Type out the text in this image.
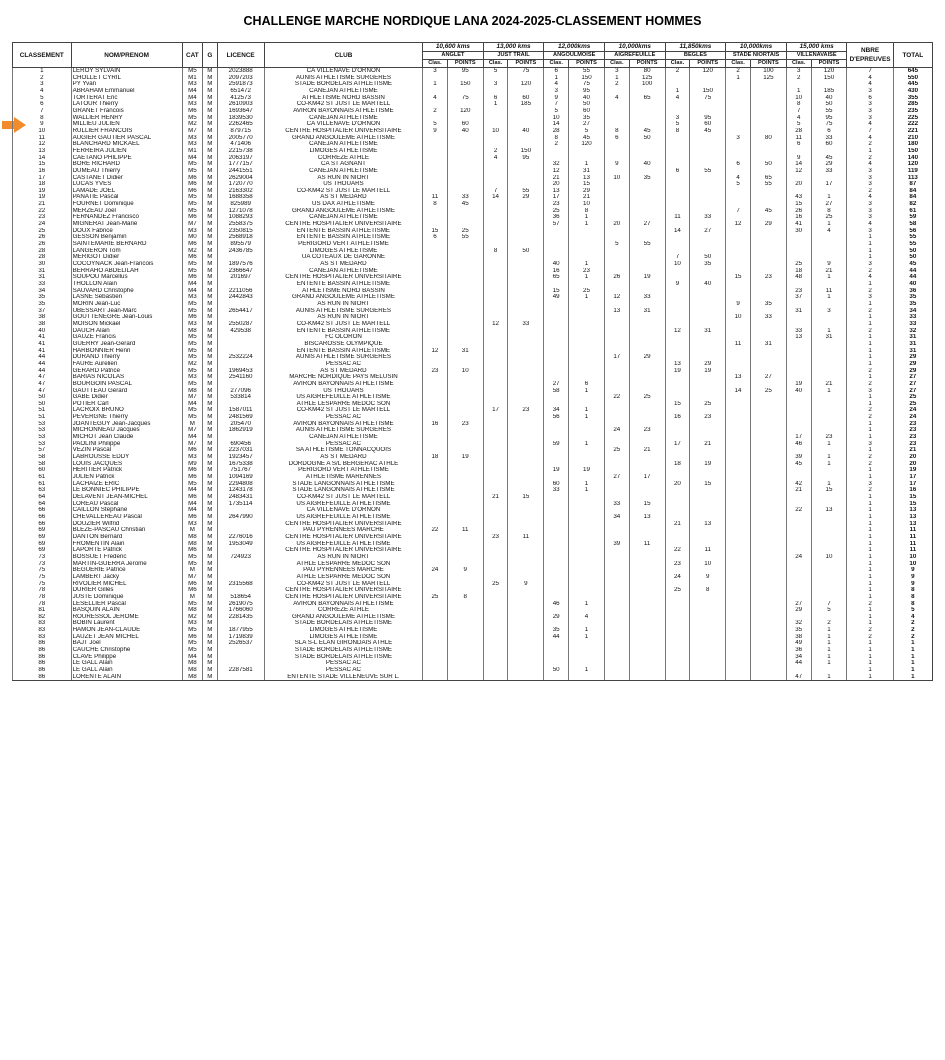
CHALLENGE MARCHE NORDIQUE LANA 2024-2025-CLASSEMENT HOMMES
CLASSEMENT	NOM/PRENOM	CAT	G	LICENCE	CLUB	10,600 kms		13,000 kms		12,000kms		10,000kms		11,850kms		10,000kms		15,000 kms		NBRE D'EPREUVES	TOTAL
						ANGLET		JUST TRAIL		ANGOULMOISE		AIGREFEUILLE		BEGLES		STADE NIORTAIS		VILLENAVAISE			
						Clas.	POINTS	Clas.	POINTS	Clas.	POINTS	Clas.	POINTS	Clas.	POINTS	Clas.	POINTS	Clas.	POINTS		
1	LEROY SYLVAIN	M5	M	2023888	CA VILLENAVE D'ORNON	3	95	5	75	6	55	3	80	2	120	2	100	3	120	7	645
2	CHOLLET CYRIL	M1	M	2097203	AUNIS ATHLETISME SURGERES					1	150	1	125			1	125	2	150	4	550
3	PY Yvan	M3	M	2591873	STADE BORDELAIS ATHLETISME	1	150	3	120	4	75	2	100							4	445
4	ABRAHAM Emmanuel	M4	M	651472	CANEJAN ATHLETISME					3	95			1	150			1	185	3	430
5	TORTERAT Eric	M4	M	412573	ATHLETISME NORD BASSIN	4	75	6	60	9	40	4	65	4	75			10	40	6	355
6	LATOUR Thierry	M3	M	2610903	CO-KM42 ST JUST LE MARTELL			1	185	7	50							8	50	3	285
7	GRANET Francois	M6	M	1693647	AVIRON BAYONNAIS ATHLETISME	2	120			5	60							7	55	3	235
8	WALLIER HENRY	M5	M	1839530	CANEJAN ATHLETISME					10	35			3	95			4	95	3	225
9	MILLIEU JULIEN	M2	M	2262465	CA VILLENAVE D'ORNON	5	60			14	27			5	60			5	75	4	222
10	RULLIER FRANCOIS	M7	M	879715	CENTRE HOSPITALIER UNIVERSITAIRE	9	40	10	40	28	5	8	45	8	45			28	6	7	221
11	AUGIER GAUTIER PASCAL	M3	M	2005770	GRAND ANGOULEME ATHLETISME					8	45	6	50			3	80	11	33	4	210
12	BLANCHARD MICKAEL	M3	M	471406	CANEJAN ATHLETISME					2	120							6	60	2	180
13	FERREIRA JULIEN	M1	M	2215738	LIMOGES ATHLETISME			2	150											1	150
14	CAETANO PHILIPPE	M4	M	2063197	CORREZE ATHLE			4	95									9	45	2	140
15	BORE RICHARD	M5	M	1777157	CA ST AGNANT					32	1	9	40			6	50	14	29	4	120
16	DUMEAU Thierry	M5	M	2441551	CANEJAN ATHLETISME					12	31			6	55			12	33	3	119
17	CASTANET Didier	M6	M	2629004	AS RUN IN NIORT					21	13	10	35			4	65			3	113
18	LUCAS YVES	M6	M	1720770	US THOUARS					20	15					5	55	20	17	3	87
19	LAMADE JOEL	M6	M	2163302	CO-KM42 ST JUST LE MARTELL			7	55	13	29									2	84
19	PANATIE Pascal	M5	M	1688358	AS ST MEDARD	11	33	14	29	17	21							43	1	4	84
21	FOURNET Dominique	M5	M	825989	US DAX ATHLETISME	8	45			23	10							15	27	3	82
22	MERZEAU Joel	M5	M	1271078	GRAND ANGOULEME ATHLETISME					25	8					7	45	26	8	3	61
23	FERNANDEZ Francisco	M6	M	1088293	CANEJAN ATHLETISME					36	1			11	33			16	25	3	59
24	MIGNERAT Jean-Marie	M7	M	2558375	CENTRE HOSPITALIER UNIVERSITAIRE					57	1	20	27			12	29	41	1	4	58
25	DOUX Fabrice	M3	M	2350815	ENTENTE BASSIN ATHLETISME	15	25							14	27			30	4	3	56
26	GESSON Benjamin	M0	M	2568918	ENTENTE BASSIN ATHLETISME	6	55													1	55
26	SAINTEMARIE BERNARD	M6	M	895579	PERIGORD VERT ATHLETISME							5	55							1	55
28	LANGERON Tom	M2	M	2436785	LIMOGES ATHLETISME			8	50											1	50
28	MERIGOT Didier	M6	M		UA COTEAUX DE GARONNE									7	50					1	50
30	COCOYNACK Jean-Francois	M5	M	1897576	AS ST MEDARD					40	1			10	35			25	9	3	45
31	BERRAHO ABDELILAH	M5	M	2366647	CANEJAN ATHLETISME					16	23							18	21	2	44
31	SOUPOU Marcellus	M6	M	201697	CENTRE HOSPITALIER UNIVERSITAIRE					65	1	26	19			15	23	48	1	4	44
33	THOLLON Alain	M4	M		ENTENTE BASSIN ATHLETISME									9	40					1	40
34	SAUVARD Christophe	M4	M	2211056	ATHLETISME NORD BASSIN					15	25							23	11	2	36
35	LASNE Sebastien	M3	M	2442843	GRAND ANGOULEME ATHLETISME					49	1	12	33					37	1	3	35
35	MORIN Jean-Luc	M5	M		AS RUN IN NIORT											9	35			1	35
37	UBESSART Jean-Marc	M5	M	2654417	AUNIS ATHLETISME SURGERES							13	31					31	3	2	34
38	GOUTTENEGRE Jean-Louis	M6	M		AS RUN IN NIORT											10	33			1	33
38	MOISON Mickael	M3	M	2550287	CO-KM42 ST JUST LE MARTELL			12	33											1	33
40	DAUCH Alain	M8	M	429538	ENTENTE BASSIN ATHLETISME									12	31			33	1	2	32
41	GAUZE Francis	M5	M		FC OLORON													13	31	1	31
41	GUERRY Jean-Gerard	M5	M		BISCAROSSE OLYMPIQUE											11	31			1	31
41	HARBONNIER Henri	M5	M		ENTENTE BASSIN ATHLETISME	12	31													1	31
44	DURAND Thierry	M5	M	2532224	AUNIS ATHLETISME SURGERES							17	29							1	29
44	FAURE Aurelien	M2	M		PESSAC AC									13	29					1	29
44	GERARD Patrice	M5	M	1969453	AS ST MEDARD	23	10							19	19					2	29
47	BARIAS NICOLAS	M3	M	2541160	MARCHE NORDIQUE PAYS MELUSIN											13	27			1	27
47	BOURGOIN PASCAL	M5	M		AVIRON BAYONNAIS ATHLETISME					27	6							19	21	2	27
47	GAUTTEAU Gérard	M8	M	277096	US THOUARS					58	1					14	25	40	1	3	27
50	GABE Didier	M7	M	533814	US AIGREFEUILLE ATHLETISME							22	25							1	25
50	POTIER Carl	M4	M		ATHLE LESPARRE MEDOC SON									15	25					1	25
51	LACROIX BRUNO	M5	M	1587011	CO-KM42 ST JUST LE MARTELL			17	23	34	1									2	24
51	PEVERGNE Thierry	M5	M	2481569	PESSAC AC					56	1			16	23					2	24
53	JOANTEGUY Jean-Jacques	M	M	205470	AVIRON BAYONNAIS ATHLETISME	16	23													1	23
53	MICHONNEAU Jacques	M7	M	1862919	AUNIS ATHLETISME SURGERES							24	23							1	23
53	MICHOT Jean Claude	M4	M		CANEJAN ATHLETISME													17	23	1	23
53	PAOLINI Philippe	M7	M	690456	PESSAC AC					59	1			17	21			46	1	3	23
57	VEZIN Pascal	M6	M	2237031	SA ATHLETISME TONNACQUOIS							25	21							1	21
58	LABROUSSE EDDY	M3	M	1923457	AS ST MEDARD	18	19											39	1	2	20
58	LOUIS JACQUES	M9	M	1675338	DORDOGNE A S/L BERGERAC ATHLE									18	19			45	1	2	20
60	HERITIER Patrick	M6	M	751767	PERIGORD VERT ATHLETISME					19	19									1	19
61	JULIEN Patrick	M6	M	1094169	ATHLETISME MARENNES							27	17							1	17
61	LACHAIZE ERIC	M5	M	2294808	STADE LANGONNAIS ATHLETISME					60	1			20	15			42	1	3	17
63	LE BONNIEC PHILIPPE	M4	M	1243178	STADE LANGONNAIS ATHLETISME					33	1							21	15	2	16
64	DELAVENT JEAN-MICHEL	M6	M	2483431	CO-KM42 ST JUST LE MARTELL			21	15											1	15
64	LOREAU Pascal	M4	M	1735114	US AIGREFEUILLE ATHLETISME							33	15							1	15
66	CAILLON Stephane	M4	M		CA VILLENAVE D'ORNON													22	13	1	13
66	CHEVALLEREAU Pascal	M6	M	2647990	US AIGREFEUILLE ATHLETISME							34	13							1	13
66	DOUZIER Wilfrid	M3	M		CENTRE HOSPITALIER UNIVERSITAIRE									21	13					1	13
69	BLEZE-PASCAU Christian	M	M		PAU PYRENNEES MARCHE	22	11													1	11
69	DANTON Bernard	M8	M	2276016	CENTRE HOSPITALIER UNIVERSITAIRE			23	11											1	11
69	FROMENTIN Alain	M8	M	1953049	US AIGREFEUILLE ATHLETISME							39	11							1	11
69	LAPORTE Patrick	M6	M		CENTRE HOSPITALIER UNIVERSITAIRE									22	11					1	11
73	BOSSUET Frederic	M5	M	724923	AS RUN IN NIORT													24	10	1	10
73	MARTIN-GUERRA Jerome	M5	M		ATHLE LESPARRE MEDOC SON									23	10					1	10
75	BEGUERIE Patrice	M	M		PAU PYRENNEES MARCHE	24	9													1	9
75	LAMBERT Jacky	M7	M		ATHLE LESPARRE MEDOC SON									24	9					1	9
75	RIVOLIER MICHEL	M6	M	2315568	CO-KM42 ST JUST LE MARTELL			25	9											1	9
78	DURIER Gilles	M6	M		CENTRE HOSPITALIER UNIVERSITAIRE									25	8					1	8
78	JUSTE Dominique	M	M	518654	CENTRE HOSPITALIER UNIVERSITAIRE	25	8													1	8
78	LESELLIER Pascal	M5	M	2619075	AVIRON BAYONNAIS ATHLETISME					46	1							27	7	2	8
81	BASQUIN ALAIN	M8	M	1766060	CORREZE ATHLE													29	5	1	5
82	ROURESSOL JEROME	M2	M	2281435	GRAND ANGOULEME ATHLETISME					29	4									1	4
83	BOBIN Laurent	M3	M		STADE BORDELAIS ATHLETISME													32	2	1	2
83	HAMON JEAN-CLAUDE	M5	M	1877955	LIMOGES ATHLETISME					35	1							35	1	2	2
83	LAUZET JEAN MICHEL	M6	M	1719839	LIMOGES ATHLETISME					44	1							38	1	2	2
86	BAJT Joel	M5	M	2526537	SLA S-L ELAN GIRONDAIS ATHLE													49	1	1	1
86	CAUCHE Christophe	M5	M		STADE BORDELAIS ATHLETISME													36	1	1	1
86	CLAVE Philippe	M4	M		STADE BORDELAIS ATHLETISME													34	1	1	1
86	LE GALL Alain	M8	M		PESSAC AC													44	1	1	1
86	LE GALL Alain	M8	M	2287581	PESSAC AC					50	1									1	1
86	LORENTE ALAIN	M8	M		ENTENTE STADE VILLENEUVE SUR L.													47	1	1	1
